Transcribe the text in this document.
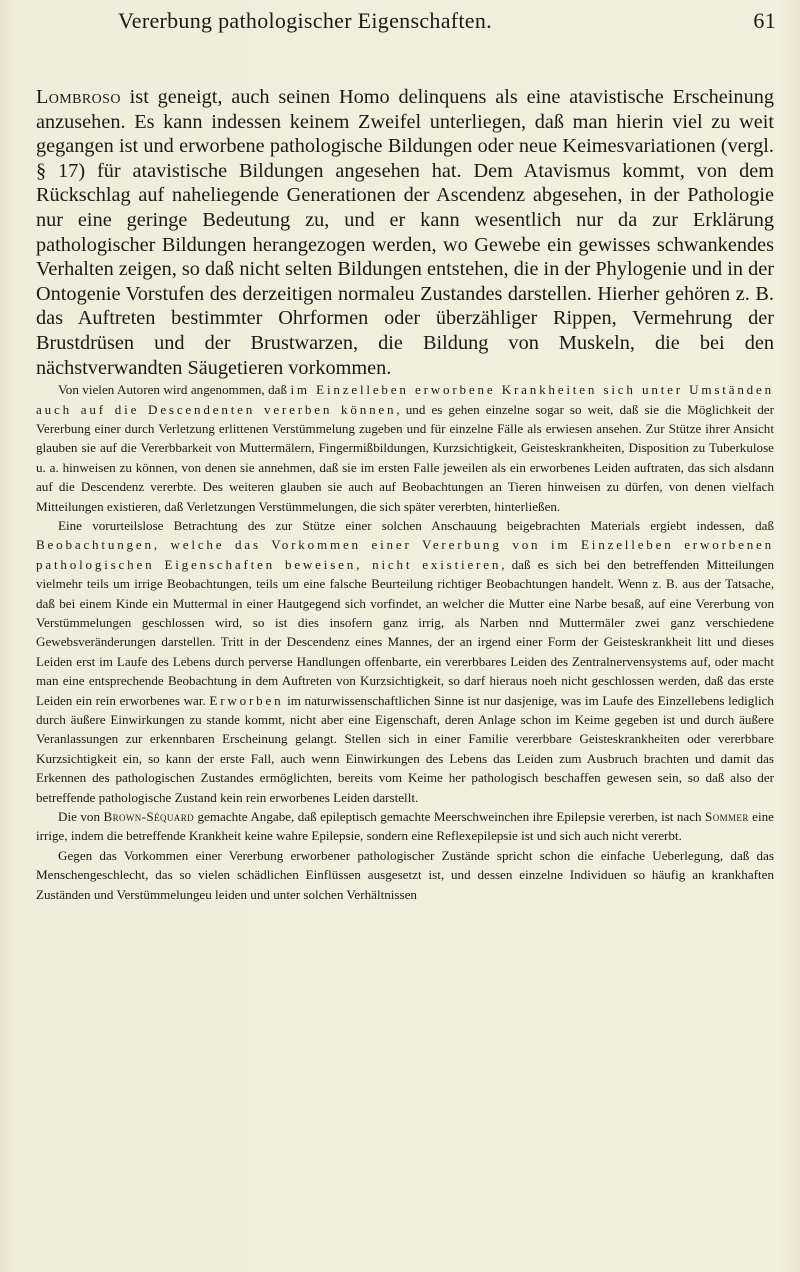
Vererbung pathologischer Eigenschaften.	61

Lombroso ist geneigt, auch seinen Homo delinquens als eine atavistische Erscheinung anzusehen. Es kann indessen keinem Zweifel unterliegen, daß man hierin viel zu weit gegangen ist und erworbene pathologische Bildungen oder neue Keimesvariationen (vergl. § 17) für atavistische Bildungen angesehen hat. Dem Atavismus kommt, von dem Rückschlag auf naheliegende Generationen der Ascendenz abgesehen, in der Pathologie nur eine geringe Bedeutung zu, und er kann wesentlich nur da zur Erklärung pathologischer Bildungen herangezogen werden, wo Gewebe ein gewisses schwankendes Verhalten zeigen, so daß nicht selten Bildungen entstehen, die in der Phylogenie und in der Ontogenie Vorstufen des derzeitigen normaleu Zustandes darstellen. Hierher gehören z. B. das Auftreten bestimmter Ohrformen oder überzähliger Rippen, Vermehrung der Brustdrüsen und der Brustwarzen, die Bildung von Muskeln, die bei den nächstverwandten Säugetieren vorkommen.

Von vielen Autoren wird angenommen, daß im Einzelleben erworbene Krankheiten sich unter Umständen auch auf die Descendenten vererben können, und es gehen einzelne sogar so weit, daß sie die Möglichkeit der Vererbung einer durch Verletzung erlittenen Verstümmelung zugeben und für einzelne Fälle als erwiesen ansehen. Zur Stütze ihrer Ansicht glauben sie auf die Vererbbarkeit von Muttermälern, Fingermißbildungen, Kurzsichtigkeit, Geisteskrankheiten, Disposition zu Tuberkulose u. a. hinweisen zu können, von denen sie annehmen, daß sie im ersten Falle jeweilen als ein erworbenes Leiden auftraten, das sich alsdann auf die Descendenz vererbte. Des weiteren glauben sie auch auf Beobachtungen an Tieren hinweisen zu dürfen, von denen vielfach Mitteilungen existieren, daß Verletzungen Verstümmelungen, die sich später vererbten, hinterließen.

Eine vorurteilslose Betrachtung des zur Stütze einer solchen Anschauung beigebrachten Materials ergiebt indessen, daß Beobachtungen, welche das Vorkommen einer Vererbung von im Einzelleben erworbenen pathologischen Eigenschaften beweisen, nicht existieren, daß es sich bei den betreffenden Mitteilungen vielmehr teils um irrige Beobachtungen, teils um eine falsche Beurteilung richtiger Beobachtungen handelt. Wenn z. B. aus der Tatsache, daß bei einem Kinde ein Muttermal in einer Hautgegend sich vorfindet, an welcher die Mutter eine Narbe besaß, auf eine Vererbung von Verstümmelungen geschlossen wird, so ist dies insofern ganz irrig, als Narben nnd Muttermäler zwei ganz verschiedene Gewebsveränderungen darstellen. Tritt in der Descendenz eines Mannes, der an irgend einer Form der Geisteskrankheit litt und dieses Leiden erst im Laufe des Lebens durch perverse Handlungen offenbarte, ein vererbbares Leiden des Zentralnervensystems auf, oder macht man eine entsprechende Beobachtung in dem Auftreten von Kurzsichtigkeit, so darf hieraus noeh nicht geschlossen werden, daß das erste Leiden ein rein erworbenes war. Erworben im naturwissenschaftlichen Sinne ist nur dasjenige, was im Laufe des Einzellebens lediglich durch äußere Einwirkungen zu stande kommt, nicht aber eine Eigenschaft, deren Anlage schon im Keime gegeben ist und durch äußere Veranlassungen zur erkennbaren Erscheinung gelangt. Stellen sich in einer Familie vererbbare Geisteskrankheiten oder vererbbare Kurzsichtigkeit ein, so kann der erste Fall, auch wenn Einwirkungen des Lebens das Leiden zum Ausbruch brachten und damit das Erkennen des pathologischen Zustandes ermöglichten, bereits vom Keime her pathologisch beschaffen gewesen sein, so daß also der betreffende pathologische Zustand kein rein erworbenes Leiden darstellt.

Die von Brown-Séquard gemachte Angabe, daß epileptisch gemachte Meerschweinchen ihre Epilepsie vererben, ist nach Sommer eine irrige, indem die betreffende Krankheit keine wahre Epilepsie, sondern eine Reflexepilepsie ist und sich auch nicht vererbt.

Gegen das Vorkommen einer Vererbung erworbener pathologischer Zustände spricht schon die einfache Ueberlegung, daß das Menschengeschlecht, das so vielen schädlichen Einflüssen ausgesetzt ist, und dessen einzelne Individuen so häufig an krankhaften Zuständen und Verstümmelungeu leiden und unter solchen Verhältnissen
